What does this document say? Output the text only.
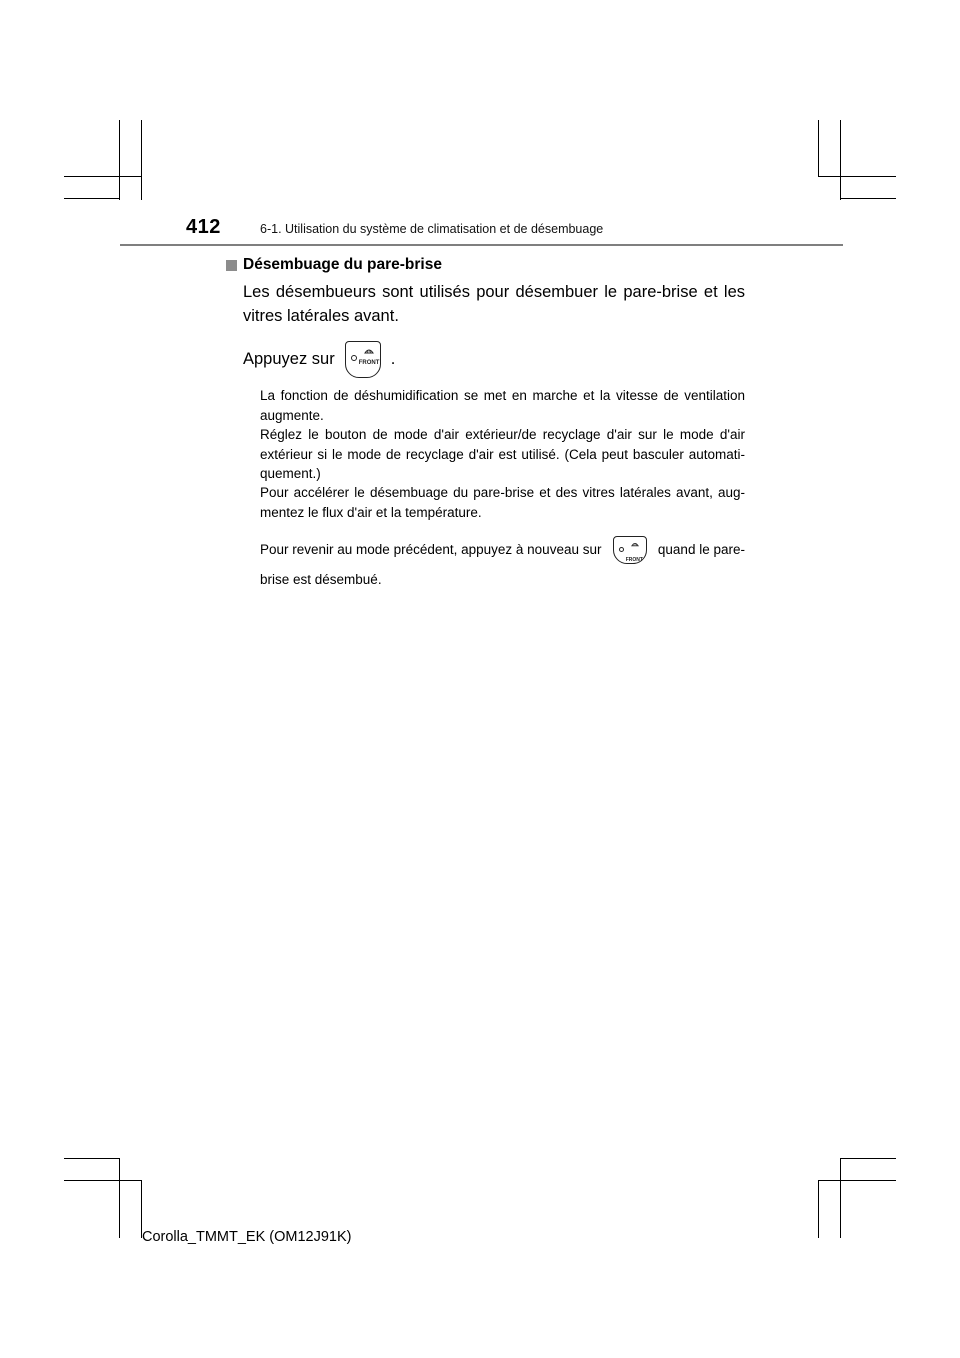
412	6-1. Utilisation du système de climatisation et de désembuage
Désembuage du pare-brise
Les désembueurs sont utilisés pour désembuer le pare-brise et les vitres latérales avant.
Appuyez sur	FRONT .
La fonction de déshumidification se met en marche et la vitesse de ventilation augmente.
Réglez le bouton de mode d'air extérieur/de recyclage d'air sur le mode d'air extérieur si le mode de recyclage d'air est utilisé. (Cela peut basculer automati-quement.)
Pour accélérer le désembuage du pare-brise et des vitres latérales avant, aug-mentez le flux d'air et la température.
Pour revenir au mode précédent, appuyez à nouveau sur
FRONT
quand le pare-
brise est désembué.
Corolla_TMMT_EK (OM12J91K)
